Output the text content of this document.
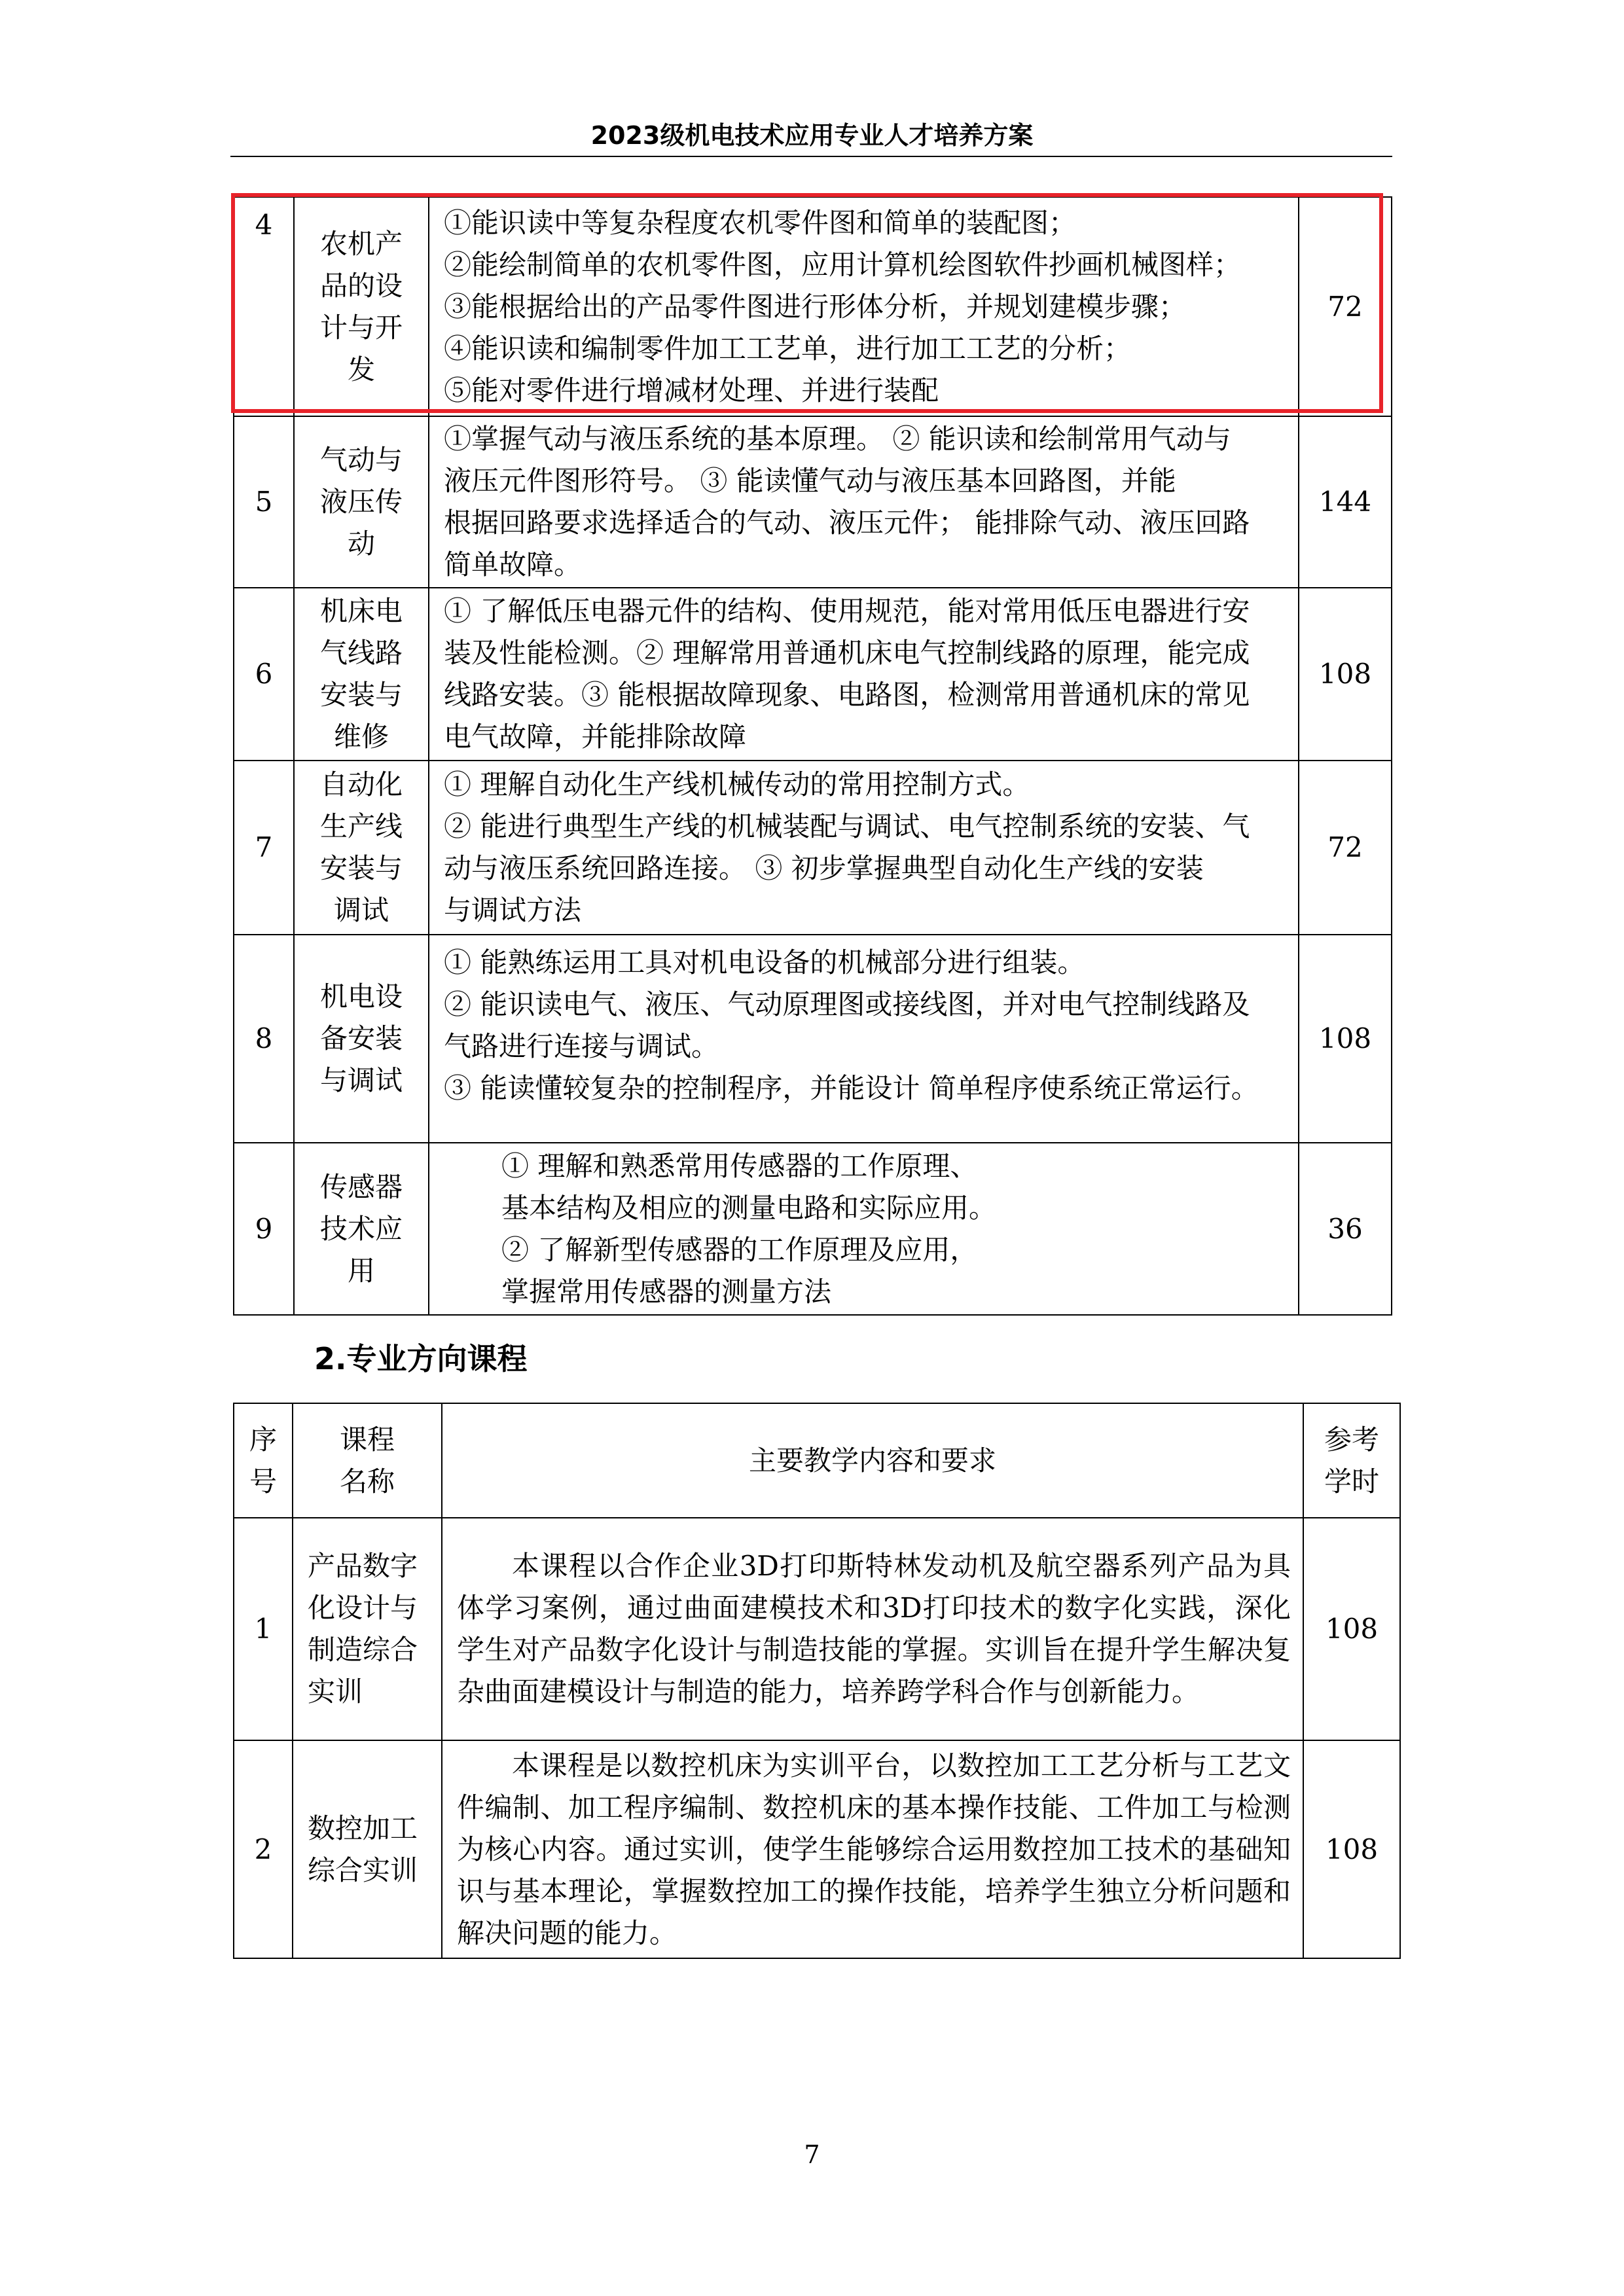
2023级机电技术应用专业人才培养方案
4	农机产
品的设
计与开
发	①能识读中等复杂程度农机零件图和简单的装配图；
②能绘制简单的农机零件图，应用计算机绘图软件抄画机械图样；
③能根据给出的产品零件图进行形体分析，并规划建模步骤；
④能识读和编制零件加工工艺单，进行加工工艺的分析；
⑤能对零件进行增减材处理、并进行装配	72
5	气动与
液压传
动	①掌握气动与液压系统的基本原理。 ② 能识读和绘制常用气动与
液压元件图形符号。 ③ 能读懂气动与液压基本回路图，并能
根据回路要求选择适合的气动、液压元件； 能排除气动、液压回路
简单故障。	144
6	机床电
气线路
安装与
维修	① 了解低压电器元件的结构、使用规范，能对常用低压电器进行安
装及性能检测。② 理解常用普通机床电气控制线路的原理，能完成
线路安装。③ 能根据故障现象、电路图，检测常用普通机床的常见
电气故障，并能排除故障	108
7	自动化
生产线
安装与
调试	① 理解自动化生产线机械传动的常用控制方式。
② 能进行典型生产线的机械装配与调试、电气控制系统的安装、气
动与液压系统回路连接。 ③ 初步掌握典型自动化生产线的安装
与调试方法	72
8	机电设
备安装
与调试	① 能熟练运用工具对机电设备的机械部分进行组装。
② 能识读电气、液压、气动原理图或接线图，并对电气控制线路及
气路进行连接与调试。
③ 能读懂较复杂的控制程序，并能设计 简单程序使系统正常运行。	108
9	传感器
技术应
用	① 理解和熟悉常用传感器的工作原理、
基本结构及相应的测量电路和实际应用。
② 了解新型传感器的工作原理及应用，
掌握常用传感器的测量方法	36
2.专业方向课程
序
号	课程
名称	主要教学内容和要求	参考
学时

1	产品数字
化设计与
制造综合
实训	本课程以合作企业3D打印斯特林发动机及航空器系列产品为具体学习案例，通过曲面建模技术和3D打印技术的数字化实践，深化学生对产品数字化设计与制造技能的掌握。实训旨在提升学生解决复杂曲面建模设计与制造的能力，培养跨学科合作与创新能力。	108
2	数控加工
综合实训	本课程是以数控机床为实训平台，以数控加工工艺分析与工艺文件编制、加工程序编制、数控机床的基本操作技能、工件加工与检测为核心内容。通过实训，使学生能够综合运用数控加工技术的基础知识与基本理论，掌握数控加工的操作技能，培养学生独立分析问题和解决问题的能力。	108
7
